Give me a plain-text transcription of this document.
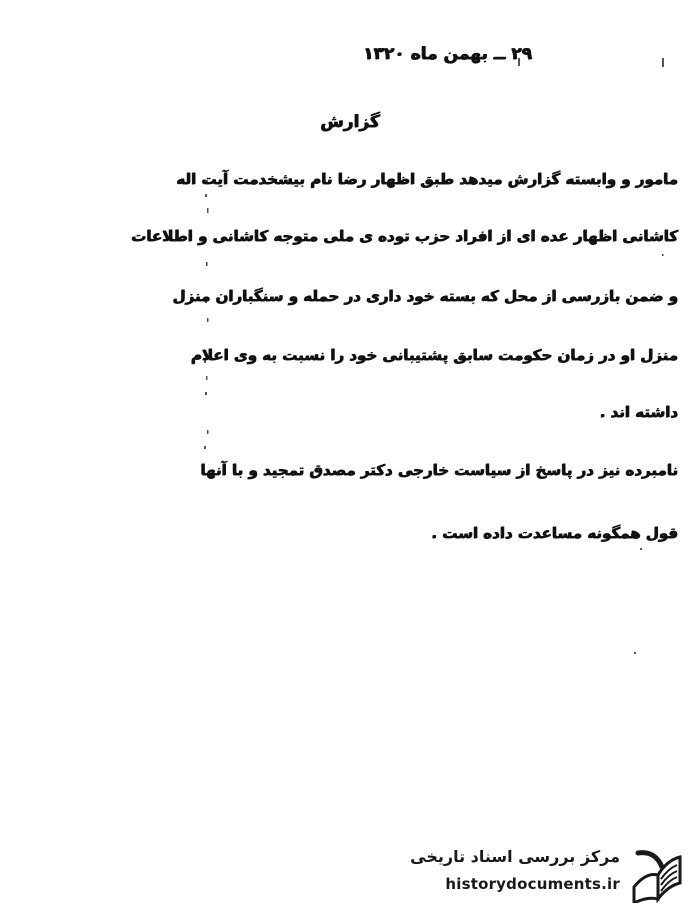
۲۹ ــ بهمن ماه ۱۳۲۰
گزارش
مامور و وابسته گزارش میدهد طبق اظهار رضا نام بیشخدمت آیت اله
کاشانی اظهار عده ای از افراد حزب توده ی ملی متوجه کاشانی و اطلاعات
و ضمن بازرسی از محل که بسته خود داری در حمله و سنگباران منزل
منزل او در زمان حکومت سابق پشتیبانی خود را نسبت به وی اعلام
داشته اند .
نامبرده نیز در پاسخ از سیاست خارجی دکتر مصدق تمجید و با آنها
قول همگونه مساعدت داده است .
مرکز بررسی اسناد تاریخی
historydocuments.ir
